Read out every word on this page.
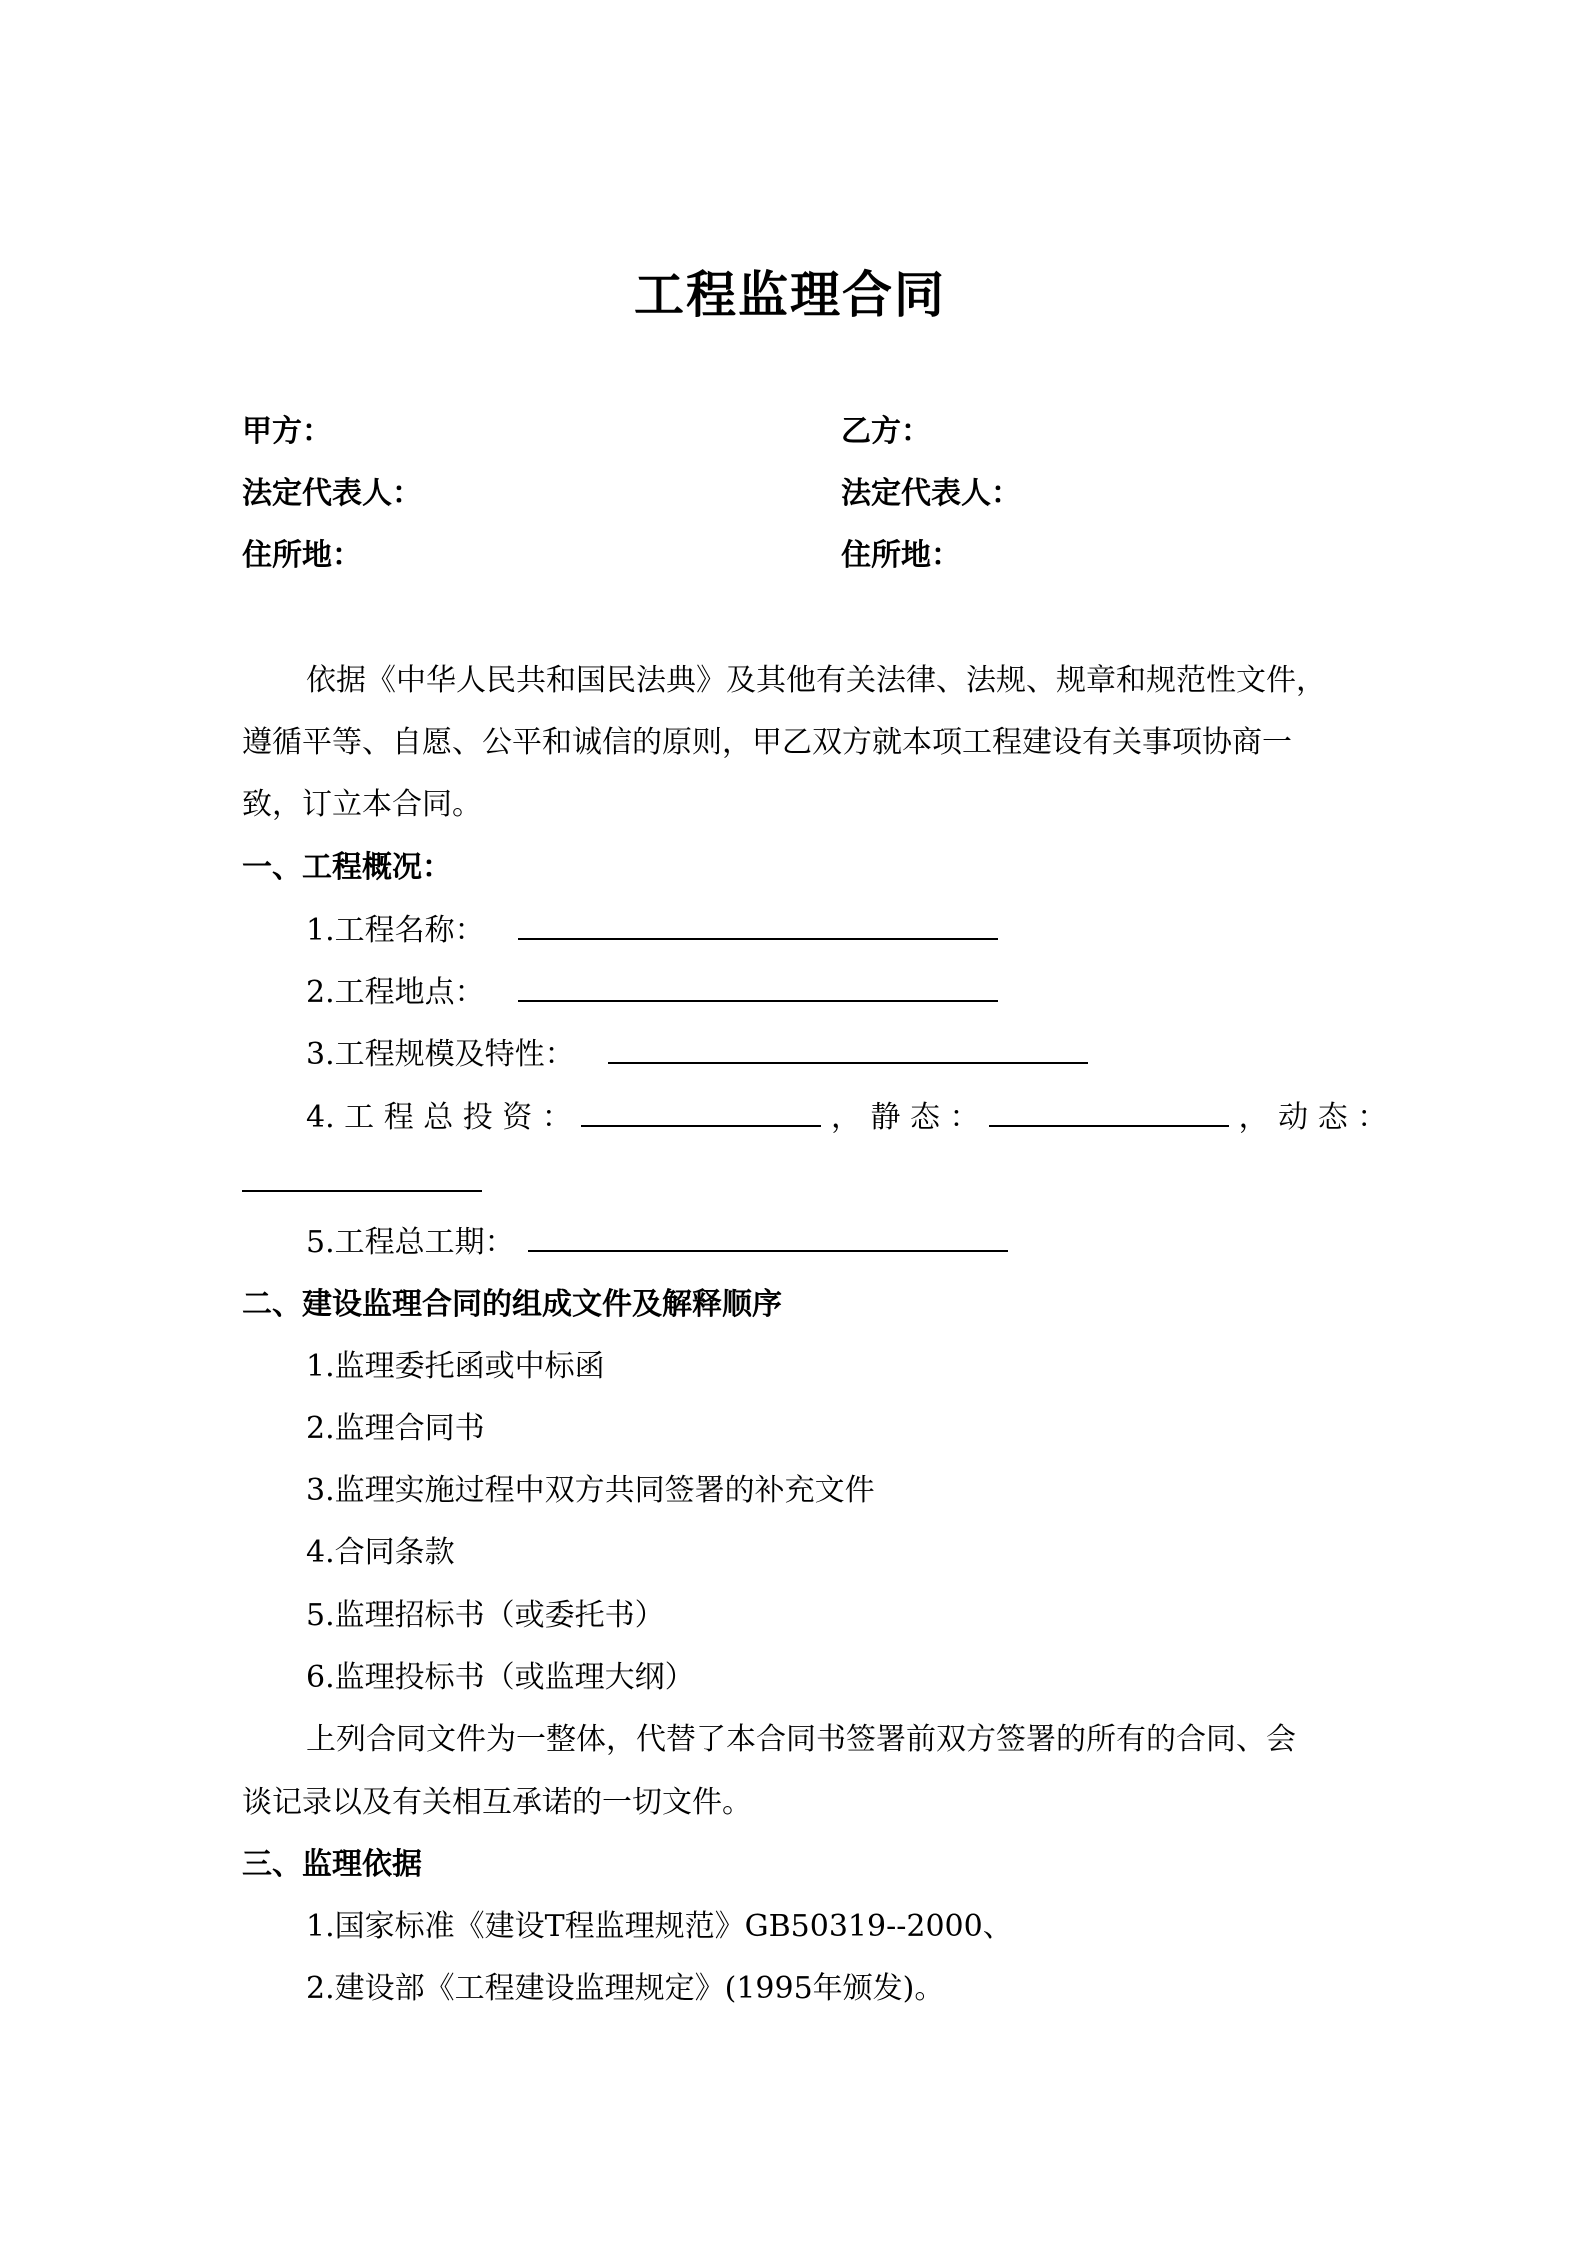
工程监理合同
甲方：	乙方：
法定代表人：	法定代表人：
住所地：	住所地：
依据《中华人民共和国民法典》及其他有关法律、法规、规章和规范性文件，
遵循平等、自愿、公平和诚信的原则，甲乙双方就本项工程建设有关事项协商一
致，订立本合同。
一、工程概况：
1.工程名称：
2.工程地点：
3.工程规模及特性：
4. 工 程 总 投 资 ：	， 静 态 ：	， 动 态 ：
5.工程总工期：
二、建设监理合同的组成文件及解释顺序
1.监理委托函或中标函
2.监理合同书
3.监理实施过程中双方共同签署的补充文件
4.合同条款
5.监理招标书（或委托书）
6.监理投标书（或监理大纲）
上列合同文件为一整体，代替了本合同书签署前双方签署的所有的合同、会
谈记录以及有关相互承诺的一切文件。
三、监理依据
1.国家标准《建设T程监理规范》GB50319--2000、
2.建设部《工程建设监理规定》(1995年颁发)。
